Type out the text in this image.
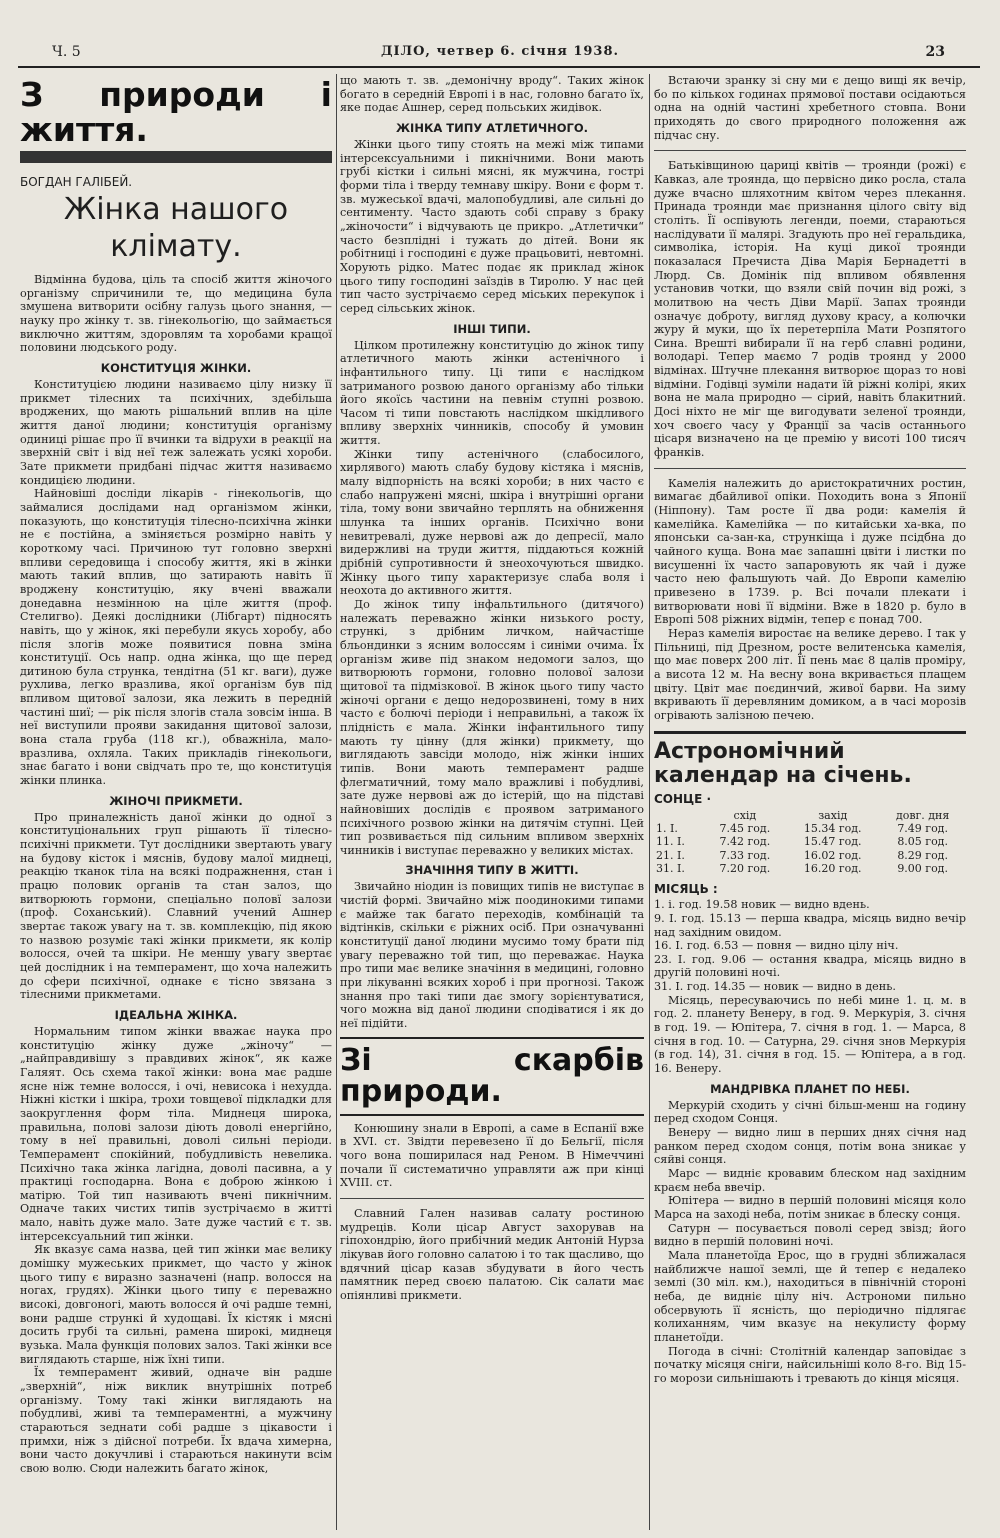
Ч. 5	ДІЛО, четвер 6. січня 1938.	23
З природи і життя.
БОГДАН ГАЛІБЕЙ.
Жінка нашого клімату.

Відмінна будова, ціль та спосіб життя жіночого організму спричинили те, що медицина була змушена витворити осібну галузь цього знання, — науку про жінку т. зв. гінекольогію, що займається виключно життям, здоровлям та хоробами кращої половини людського роду.

КОНСТИТУЦІЯ ЖІНКИ.

Конституцією людини називаємо цілу низку її прикмет тілесних та психічних, здебільша вроджених, що мають рішальний вплив на ціле життя даної людини; конституція організму одиниці рішає про її вчинки та відрухи в реакції на зверхній світ і від неї теж залежать усякі хороби. Зате прикмети придбані підчас життя називаємо кондицією людини.

Найновіші досліди лікарів - гінекольогів, що займалися дослідами над організмом жінки, показують, що конституція тілесно-психічна жінки не є постійна, а зміняється розмірно навіть у короткому часі. Причиною тут головно зверхні впливи середовища і способу життя, які в жінки мають такий вплив, що затирають навіть її вроджену конституцію, яку вчені вважали донедавна незмінною на ціле життя (проф. Стелигво). Деякі дослідники (Лібгарт) підносять навіть, що у жінок, які перебули якусь хоробу, або після злогів може появитися повна зміна конституції. Ось напр. одна жінка, що ще перед дитиною була струнка, тендітна (51 кг. ваги), дуже рухлива, легко вразлива, якої організм був під впливом щитової залози, яка лежить в передній частині шиї; — рік після злогів стала зовсім інша. В неї виступили прояви закидання щитової залози, вона стала груба (118 кг.), обважніла, мало-вразлива, охляла. Таких прикладів гінекольоги, знає багато і вони свідчать про те, що конституція жінки плинка.

ЖІНОЧІ ПРИКМЕТИ.

Про приналежність даної жінки до одної з конституціональних груп рішають її тілесно-психічні прикмети. Тут дослідники звертають увагу на будову кісток і мяснів, будову малої миднеці, реакцію тканок тіла на всякі подражнення, стан і працю половик органів та стан залоз, що витворюють гормони, спеціально половї залози (проф. Соханський). Славний учений Ашнер звертає також увагу на т. зв. комплекцію, під якою то назвою розуміє такі жінки прикмети, як колір волосся, очей та шкіри. Не меншу увагу звертає цей дослідник і на темперамент, що хоча належить до сфери психічної, однаке є тісно звязана з тілесними прикметами.

ІДЕАЛЬНА ЖІНКА.

Нормальним типом жінки вважає наука про конституцію жінку дуже „жіночу“ — „найправдивішу з правдивих жінок“, як каже Галяят. Ось схема такої жінки: вона має радше ясне ніж темне волосся, і очі, невисока і нехудда. Ніжні кістки і шкіра, трохи товщевої підкладки для заокруглення форм тіла. Миднеця широка, правильна, полові залози діють доволі енергійно, тому в неї правильні, доволі сильні періоди. Темперамент спокійний, побудливість невелика. Психічно така жінка лагідна, доволі пасивна, а у практиці господарна. Вона є доброю жінкою і матірю. Той тип називають вчені пикнічним. Одначе таких чистих типів зустрічаємо в житті мало, навіть дуже мало. Зате дуже частий є т. зв. інтерсексуальний тип жінки.

Як вказує сама назва, цей тип жінки має велику домішку мужеських прикмет, що часто у жінок цього типу є виразно зазначені (напр. волосся на ногах, грудях). Жінки цього типу є переважно високі, довгоногі, мають волосся й очі радше темні, вони радше стрункі й худощаві. Їх кістяк і мясні досить грубі та сильні, рамена широкі, миднеця вузька. Мала функція полових залоз. Такі жінки все виглядають старше, ніж їхні типи.

Їх темперамент живий, одначе він радше „зверхній“, ніж виклик внутрішніх потреб організму. Тому такі жінки виглядають на побудливі, живі та темпераментні, а мужчину стараються зеднати собі радше з цікавости і примхи, ніж з дійсної потреби. Їх вдача химерна, вони часто докучливі і стараються накинути всім свою волю. Сюди належить багато жінок,

що мають т. зв. „демонічну вроду“. Таких жінок богато в середній Европі і в нас, головно багато їх, яке подає Ашнер, серед польських жидівок.

ЖІНКА ТИПУ АТЛЕТИЧНОГО.

Жінки цього типу стоять на межі між типами інтерсексуальними і пикнічними. Вони мають грубі кістки і сильні мясні, як мужчина, гострі форми тіла і тверду темнаву шкіру. Вони є форм т. зв. мужеської вдачі, малопобудливі, але сильні до сентименту. Часто здають собі справу з браку „жіночости“ і відчувають це прикро. „Атлетички“ часто безплідні і тужать до дітей. Вони як робітниці і господині є дуже працьовиті, невтомні. Хорують рідко. Матес подає як приклад жінок цього типу господині заїздів в Тиролю. У нас цей тип часто зустрічаємо серед міських перекупок і серед сільських жінок.

ІНШІ ТИПИ.

Цілком протилежну конституцію до жінок типу атлетичного мають жінки астенічного і інфантильного типу. Ці типи є наслідком затриманого розвою даного організму або тільки його якоїсь частини на певнім ступні розвою. Часом ті типи повстають наслідком шкідливого впливу зверхніх чинників, способу й умовин життя.

Жінки типу астенічного (слабосилого, хирлявого) мають слабу будову кістяка і мяснів, малу відпорність на всякі хороби; в них часто є слабо напружені мясні, шкіра і внутрішні органи тіла, тому вони звичайно терплять на обниження шлунка та інших органів. Психічно вони невитревалі, дуже нервові аж до депресії, мало видержливі на труди життя, піддаються кожній дрібній супротивности й знеохочуються швидко. Жінку цього типу характеризує слаба воля і неохота до активного життя.

До жінок типу інфальтильного (дитячого) належать переважно жінки низького росту, стрункі, з дрібним личком, найчастіше бльондинки з ясним волоссям і синіми очима. Їх організм живе під знаком недомоги залоз, що витворюють гормони, головно полової залози щитової та підмізкової. В жінок цього типу часто жіночі органи є дещо недорозвинені, тому в них часто є болючі періоди і неправильні, а також їх плідність є мала. Жінки інфантильного типу мають ту цінну (для жінки) прикмету, що виглядають завсіди молодо, ніж жінки інших типів. Вони мають темперамент радше флегматичний, тому мало вражливі і побудливі, зате дуже нервові аж до істерій, що на підставі найновіших дослідів є проявом затриманого психічного розвою жінки на дитячім ступні. Цей тип розвивається під сильним впливом зверхніх чинників і виступає переважно у великих містах.

ЗНАЧІННЯ ТИПУ В ЖИТТІ.

Звичайно ніодин із повищих типів не виступає в чистій формі. Звичайно між поодинокими типами є майже так багато переходів, комбінацій та відтінків, скільки є ріжних осіб. При означуванні конституції даної людини мусимо тому брати під увагу переважно той тип, що переважає. Наука про типи має велике значіння в медицині, головно при лікуванні всяких хороб і при прогнозі. Також знання про такі типи дає змогу зорієнтуватися, чого можна від даної людини сподіватися і як до неї підійти.

Зі скарбів природи.

Конюшину знали в Европі, а саме в Еспанії вже в XVI. ст. Звідти перевезено її до Бельгії, після чого вона поширилася над Реном. В Німеччині почали її систематично управляти аж при кінці XVIII. ст.

Славний Гален називав салату ростиною мудреців. Коли цісар Август захорував на гіпохондрію, його прибічний медик Антоній Нурза лікував його головно салатою і то так щасливо, що вдячний цісар казав збудувати в його честь памятник перед своєю палатою. Сік салати має опіянливі прикмети.

Встаючи зранку зі сну ми є дещо вищі як вечір, бо по кількох годинах прямової постави осідаються одна на одній частині хребетного стовпа. Вони приходять до свого природного положення аж підчас сну.

Батьківщиною цариці квітів — троянди (рожі) є Кавказ, але троянда, що первісно дико росла, стала дуже вчасно шляхотним квітом через плекання. Принада троянди має признання цілого світу від століть. Її оспівують легенди, поеми, стараються наслідувати її малярі. Згадують про неї геральдика, символіка, історія. На куці дикої троянди показалася Пречиста Діва Марія Бернадетті в Люрд. Св. Домінік під впливом обявлення установив чотки, що взяли свій почин від рожі, з молитвою на честь Діви Марії. Запах троянди означує доброту, вигляд духову красу, а колючки журу й муки, що їх перетерпіла Мати Розпятого Сина. Врешті вибирали її на герб славні родини, володарі. Тепер маємо 7 родів троянд у 2000 відмінах. Штучне плекання витворює щораз то нові відміни. Годівці зуміли надати їй ріжні колірі, яких вона не мала природно — сірий, навіть блакитний. Досі ніхто не міг ще вигодувати зеленої троянди, хоч своєго часу у Франції за часів останнього цісаря визначено на це премію у висоті 100 тисяч франків.

Камелія належить до аристократичних ростин, вимагає дбайливої опіки. Походить вона з Японії (Ніппону). Там росте її два роди: камелія й камелійка. Камелійка — по китайськи ха-вка, по японськи са-зан-ка, стрункіща і дуже псідбна до чайного куща. Вона має запашні цвіти і листки по висушенні їх часто запаровують як чай і дуже часто нею фальшують чай. До Европи камелію привезено в 1739. р. Всі почали плекати і витворювати нові її відміни. Вже в 1820 р. було в Европі 508 ріжних відмін, тепер є понад 700.

Нераз камелія виростає на велике дерево. І так у Пільниці, під Дрезном, росте велитенська камелія, що має поверх 200 літ. Її пень має 8 цалів проміру, а висота 12 м. На весну вона вкривається плащем цвіту. Цвіт має поєдинчий, живої барви. На зиму вкривають її деревляним домиком, а в часі морозів огрівають залізною печею.

Астрономічний календар на січень.
СОНЦЕ ·
	схід	захід	довг. дня
1. І.	7.45 год.	15.34 год.	7.49 год.
11. І.	7.42 год.	15.47 год.	8.05 год.
21. І.	7.33 год.	16.02 год.	8.29 год.
31. І.	7.20 год.	16.20 год.	9.00 год.
МІСЯЦЬ :

1. і. год. 19.58 новик — видно вдень.

9. І. год. 15.13 — перша квадра, місяць видно вечір над західним овидом.

16. І. год. 6.53 — повня — видно цілу ніч.

23. І. год. 9.06 — остання квадра, місяць видно в другій половині ночі.

31. І. год. 14.35 — новик — видно в день.

Місяць, пересуваючись по небі мине 1. ц. м. в год. 2. планету Венеру, в год. 9. Меркурія, 3. січня в год. 19. — Юпітера, 7. січня в год. 1. — Марса, 8 січня в год. 10. — Сатурна, 29. січня знов Меркурія (в год. 14), 31. січня в год. 15. — Юпітера, а в год. 16. Венеру.

МАНДРІВКА ПЛАНЕТ ПО НЕБІ.

Меркурій сходить у січні більш-менш на годину перед сходом Сонця.

Венеру — видно лиш в перших днях січня над ранком перед сходом сонця, потім вона зникає у сяйві сонця.

Марс — видніє кровавим блеском над західним краєм неба ввечір.

Юпітера — видно в першій половині місяця коло Марса на заході неба, потім зникає в блеску сонця.

Сатурн — посувається поволі серед звізд; його видно в першій половині ночі.

Мала планетоїда Ерос, що в грудні зближалася найближче нашої землі, ще й тепер є недалеко землі (30 міл. км.), находиться в північній стороні неба, де видніє цілу ніч. Астрономи пильно обсервують її ясність, що періодично підлягає колиханням, чим вказує на некулисту форму планетоїди.

Погода в січні: Столітній календар заповідає з початку місяця сніги, найсильніші коло 8-го. Від 15-го морози сильнішають і тревають до кінця місяця.
